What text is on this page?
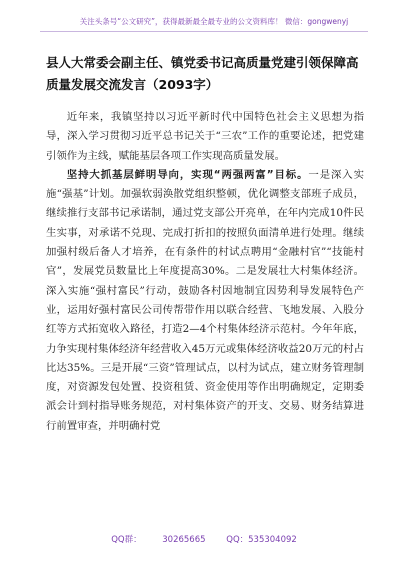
关注头条号“公文研究”，获得最新最全最专业的公文资料库！ 微信：gongwenyj
县人大常委会副主任、镇党委书记高质量党建引领保障高质量发展交流发言（2093字）

近年来，我镇坚持以习近平新时代中国特色社会主义思想为指导，深入学习贯彻习近平总书记关于“三农”工作的重要论述，把党建引领作为主线，赋能基层各项工作实现高质量发展。

坚持大抓基层鲜明导向，实现“两强两富”目标。一是深入实施“强基”计划。加强软弱涣散党组织整顿，优化调整支部班子成员，继续推行支部书记承诺制，通过党支部公开亮单，在年内完成10件民生实事，对承诺不兑现、完成打折扣的按照负面清单进行处理。继续加强村级后备人才培养，在有条件的村试点聘用“金融村官”“技能村官”，发展党员数量比上年度提高30%。二是发展壮大村集体经济。深入实施“强村富民”行动，鼓励各村因地制宜因势利导发展特色产业，运用好强村富民公司传帮带作用以联合经营、飞地发展、入股分红等方式拓宽收入路径，打造2—4个村集体经济示范村。今年年底，力争实现村集体经济年经营收入45万元或集体经济收益20万元的村占比达35%。三是开展“三资”管理试点，以村为试点，建立财务管理制度，对资源发包处置、投资租赁、资金使用等作出明确规定，定期委派会计到村指导账务规范，对村集体资产的开支、交易、财务结算进行前置审查，并明确村党

QQ群： 30265665 QQ：535304092
